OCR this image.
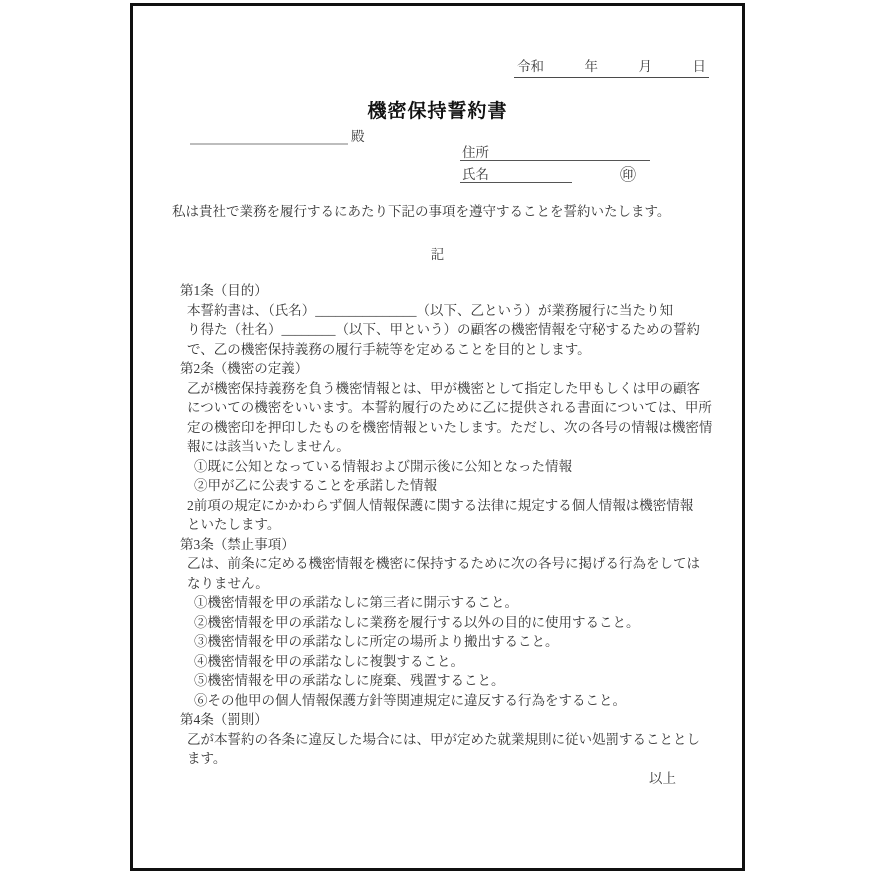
令和　　　年　　　月　　　日
機密保持誓約書
殿
住所
氏名	㊞
私は貴社で業務を履行するにあたり下記の事項を遵守することを誓約いたします。
記
第1条（目的）
本誓約書は、（氏名）_______________（以下、乙という）が業務履行に当たり知
り得た（社名）________（以下、甲という）の顧客の機密情報を守秘するための誓約
で、乙の機密保持義務の履行手続等を定めることを目的とします。
第2条（機密の定義）
乙が機密保持義務を負う機密情報とは、甲が機密として指定した甲もしくは甲の顧客
についての機密をいいます。本誓約履行のために乙に提供される書面については、甲所
定の機密印を押印したものを機密情報といたします。ただし、次の各号の情報は機密情
報には該当いたしません。
①既に公知となっている情報および開示後に公知となった情報
②甲が乙に公表することを承諾した情報
2前項の規定にかかわらず個人情報保護に関する法律に規定する個人情報は機密情報
といたします。
第3条（禁止事項）
乙は、前条に定める機密情報を機密に保持するために次の各号に掲げる行為をしては
なりません。
①機密情報を甲の承諾なしに第三者に開示すること。
②機密情報を甲の承諾なしに業務を履行する以外の目的に使用すること。
③機密情報を甲の承諾なしに所定の場所より搬出すること。
④機密情報を甲の承諾なしに複製すること。
⑤機密情報を甲の承諾なしに廃棄、残置すること。
⑥その他甲の個人情報保護方針等関連規定に違反する行為をすること。
第4条（罰則）
乙が本誓約の各条に違反した場合には、甲が定めた就業規則に従い処罰することとし
ます。
以上
